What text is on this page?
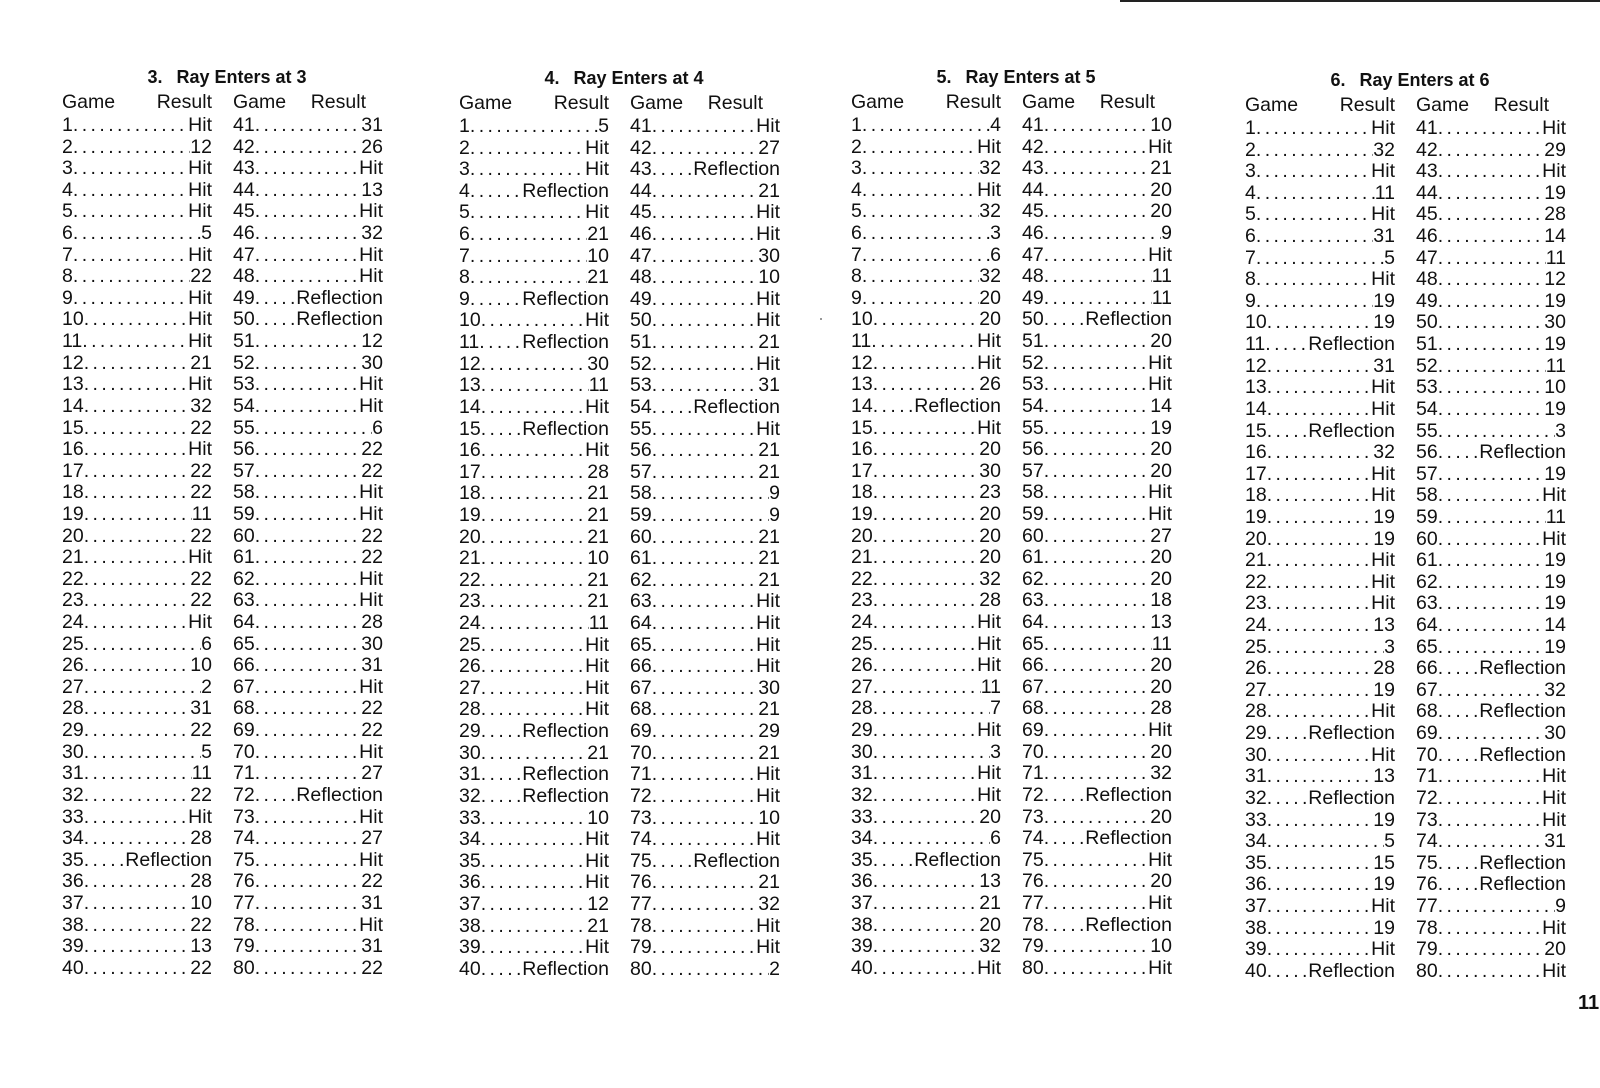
3. Ray Enters at 3
Game	Result	Game	Result
1 . . .	Hit
2 . . .	12
3 . . .	Hit
4 . . .	Hit
5 . . .	Hit
6 . . .	5
7 . . .	Hit
8 . . .	22
9 . . .	Hit
10 . . .	Hit
11 . . .	Hit
12 . . .	21
13 . . .	Hit
14 . . .	32
15 . . .	22
16 . . .	Hit
17 . . .	22
18 . . .	22
19 . . .	11
20 . . .	22
21 . . .	Hit
22 . . .	22
23 . . .	22
24 . . .	Hit
25 . . .	6
26 . . .	10
27 . . .	2
28 . . .	31
29 . . .	22
30 . . .	5
31 . . .	11
32 . . .	22
33 . . .	Hit
34 . . .	28
35 . . . Reflection
36 . . .	28
37 . . .	10
38 . . .	22
39 . . .	13
40 . . .	22
41 . . .	31
42 . . .	26
43 . . .	Hit
44 . . .	13
45 . . .	Hit
46 . . .	32
47 . . .	Hit
48 . . .	Hit
49 . . . Reflection
50 . . . Reflection
51 . . .	12
52 . . .	30
53 . . .	Hit
54 . . .	Hit
55 . . .	6
56 . . .	22
57 . . .	22
58 . . .	Hit
59 . . .	Hit
60 . . .	22
61 . . .	22
62 . . .	Hit
63 . . .	Hit
64 . . .	28
65 . . .	30
66 . . .	31
67 . . .	Hit
68 . . .	22
69 . . .	22
70 . . .	Hit
71 . . .	27
72 . . . Reflection
73 . . .	Hit
74 . . .	27
75 . . .	Hit
76 . . .	22
77 . . .	31
78 . . .	Hit
79 . . .	31
80 . . .	22
4. Ray Enters at 4
Game	Result	Game	Result
1 . . .	5
2 . . .	Hit
3 . . .	Hit
4 . . .	Reflection
5 . . .	Hit
6 . . .	21
7 . . .	10
8 . . .	21
9 . . .	Reflection
10 . . .	Hit
11 . . . Reflection
12 . . .	30
13 . . .	11
14 . . .	Hit
15 . . . Reflection
16 . . .	Hit
17 . . .	28
18 . . .	21
19 . . .	21
20 . . .	21
21 . . .	10
22 . . .	21
23 . . .	21
24 . . .	11
25 . . .	Hit
26 . . .	Hit
27 . . .	Hit
28 . . .	Hit
29 . . . Reflection
30 . . .	21
31 . . . Reflection
32 . . . Reflection
33 . . .	10
34 . . .	Hit
35 . . .	Hit
36 . . .	Hit
37 . . .	12
38 . . .	21
39 . . .	Hit
40 . . . Reflection
41 . . .	Hit
42 . . .	27
43 . . . Reflection
44 . . .	21
45 . . .	Hit
46 . . .	Hit
47 . . .	30
48 . . .	10
49 . . .	Hit
50 . . .	Hit
51 . . .	21
52 . . .	Hit
53 . . .	31
54 . . . Reflection
55 . . .	Hit
56 . . .	21
57 . . .	21
58 . . .	9
59 . . .	9
60 . . .	21
61 . . .	21
62 . . .	21
63 . . .	Hit
64 . . .	Hit
65 . . .	Hit
66 . . .	Hit
67 . . .	30
68 . . .	21
69 . . .	29
70 . . .	21
71 . . .	Hit
72 . . .	Hit
73 . . .	10
74 . . .	Hit
75 . . . Reflection
76 . . .	21
77 . . .	32
78 . . .	Hit
79 . . .	Hit
80 . . .	2
5. Ray Enters at 5
Game	Result	Game	Result
1 . . .	4
2 . . .	Hit
3 . . .	32
4 . . .	Hit
5 . . .	32
6 . . .	3
7 . . .	6
8 . . .	32
9 . . .	20
10 . . .	20
11 . . .	Hit
12 . . .	Hit
13 . . .	26
14 . . . Reflection
15 . . .	Hit
16 . . .	20
17 . . .	30
18 . . .	23
19 . . .	20
20 . . .	20
21 . . .	20
22 . . .	32
23 . . .	28
24 . . .	Hit
25 . . .	Hit
26 . . .	Hit
27 . . .	11
28 . . .	7
29 . . .	Hit
30 . . .	3
31 . . .	Hit
32 . . .	Hit
33 . . .	20
34 . . .	6
35 . . . Reflection
36 . . .	13
37 . . .	21
38 . . .	20
39 . . .	32
40 . . .	Hit
41 . . .	10
42 . . .	Hit
43 . . .	21
44 . . .	20
45 . . .	20
46 . . .	9
47 . . .	Hit
48 . . .	11
49 . . .	11
50 . . . Reflection
51 . . .	20
52 . . .	Hit
53 . . .	Hit
54 . . .	14
55 . . .	19
56 . . .	20
57 . . .	20
58 . . .	Hit
59 . . .	Hit
60 . . .	27
61 . . .	20
62 . . .	20
63 . . .	18
64 . . .	13
65 . . .	11
66 . . .	20
67 . . .	20
68 . . .	28
69 . . .	Hit
70 . . .	20
71 . . .	32
72 . . . Reflection
73 . . .	20
74 . . . Reflection
75 . . .	Hit
76 . . .	20
77 . . .	Hit
78 . . . Reflection
79 . . .	10
80 . . .	Hit
6. Ray Enters at 6
Game	Result	Game	Result
1 . . .	Hit
2 . . .	32
3 . . .	Hit
4 . . .	11
5 . . .	Hit
6 . . .	31
7 . . .	5
8 . . .	Hit
9 . . .	19
10 . . .	19
11 . . . Reflection
12 . . .	31
13 . . .	Hit
14 . . .	Hit
15 . . . Reflection
16 . . .	32
17 . . .	Hit
18 . . .	Hit
19 . . .	19
20 . . .	19
21 . . .	Hit
22 . . .	Hit
23 . . .	Hit
24 . . .	13
25 . . .	3
26 . . .	28
27 . . .	19
28 . . .	Hit
29 . . . Reflection
30 . . .	Hit
31 . . .	13
32 . . . Reflection
33 . . .	19
34 . . .	5
35 . . .	15
36 . . .	19
37 . . .	Hit
38 . . .	19
39 . . .	Hit
40 . . . Reflection
41 . . .	Hit
42 . . .	29
43 . . .	Hit
44 . . .	19
45 . . .	28
46 . . .	14
47 . . .	11
48 . . .	12
49 . . .	19
50 . . .	30
51 . . .	19
52 . . .	11
53 . . .	10
54 . . .	19
55 . . .	3
56 . . . Reflection
57 . . .	19
58 . . .	Hit
59 . . .	11
60 . . .	Hit
61 . . .	19
62 . . .	19
63 . . .	19
64 . . .	14
65 . . .	19
66 . . . Reflection
67 . . .	32
68 . . . Reflection
69 . . .	30
70 . . . Reflection
71 . . .	Hit
72 . . .	Hit
73 . . .	Hit
74 . . .	31
75 . . . Reflection
76 . . . Reflection
77 . . .	9
78 . . .	Hit
79 . . .	20
80 . . .	Hit
11
